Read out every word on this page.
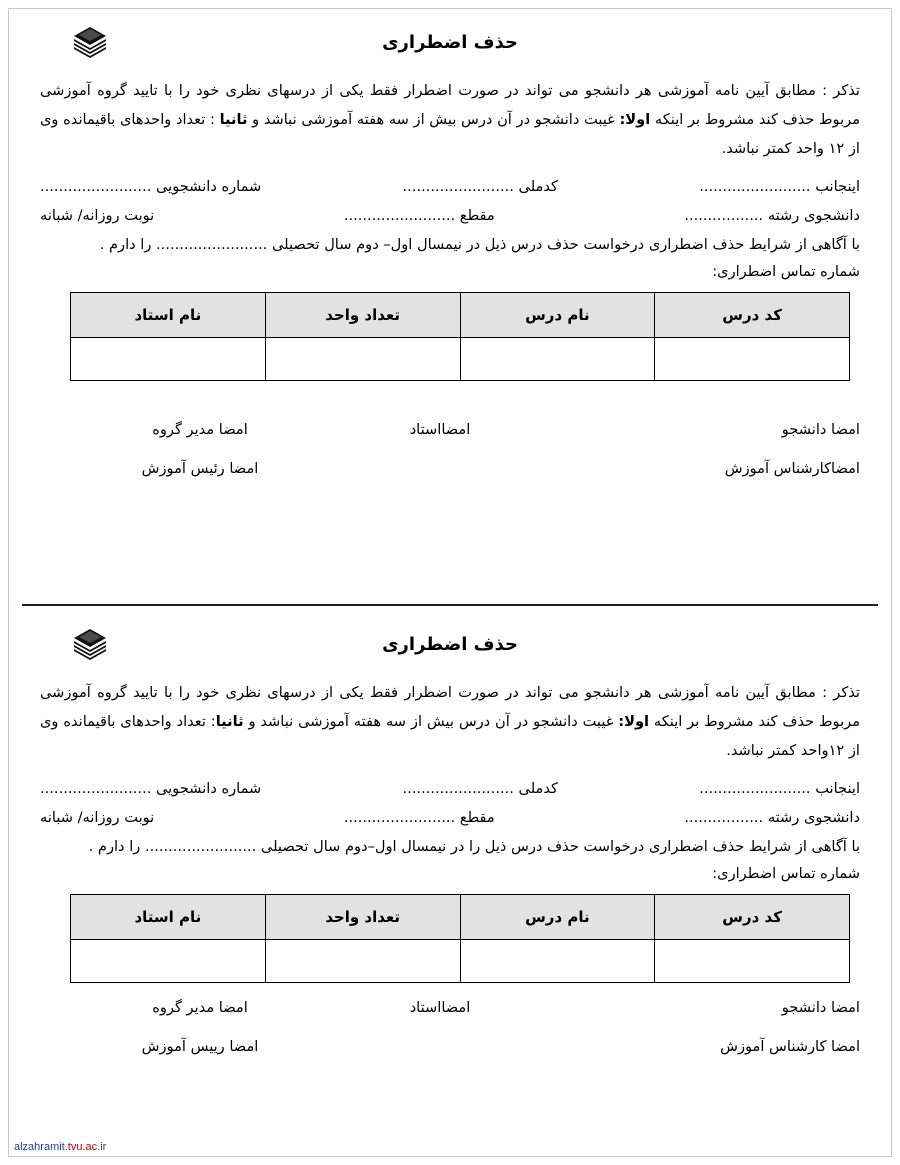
حذف اضطراری

تذکر : مطابق آیین نامه آموزشی هر دانشجو می تواند در صورت اضطرار فقط یکی از درسهای نظری خود را با تایید گروه آموزشی مربوط حذف کند مشروط بر اینکه اولا: غیبت دانشجو در آن درس بیش از سه هفته آموزشی نباشد و ثانیا : تعداد واحدهای باقیمانده وی از ۱۲ واحد کمتر نباشد.

اینجانب ........................
کدملی ........................
شماره دانشجویی ........................
دانشجوی رشته .................
مقطع ........................
نوبت روزانه/ شبانه
با آگاهی از شرایط حذف اضطراری درخواست حذف درس ذیل در نیمسال اول– دوم سال تحصیلی ........................ را دارم .
شماره تماس اضطراری:
کد درس	نام درس	تعداد واحد	نام استاد

امضا دانشجو
امضااستاد
امضا مدیر گروه
امضاکارشناس آموزش
امضا رئیس آموزش
حذف اضطراری

تذکر : مطابق آیین نامه آموزشی هر دانشجو می تواند در صورت اضطرار فقط یکی از درسهای نظری خود را با تایید گروه آموزشی مربوط حذف کند مشروط بر اینکه اولا: غیبت دانشجو در آن درس بیش از سه هفته آموزشی نباشد و ثانیا: تعداد واحدهای باقیمانده وی از ۱۲واحد کمتر نباشد.

اینجانب ........................
کدملی ........................
شماره دانشجویی ........................
دانشجوی رشته .................
مقطع ........................
نوبت روزانه/ شبانه
با آگاهی از شرایط حذف اضطراری درخواست حذف درس ذیل را در نیمسال اول–دوم سال تحصیلی ........................ را دارم .
شماره تماس اضطراری:
کد درس	نام درس	تعداد واحد	نام استاد

امضا دانشجو
امضااستاد
امضا مدیر گروه
امضا کارشناس آموزش
امضا رییس آموزش
alzahramit.tvu.ac.ir
